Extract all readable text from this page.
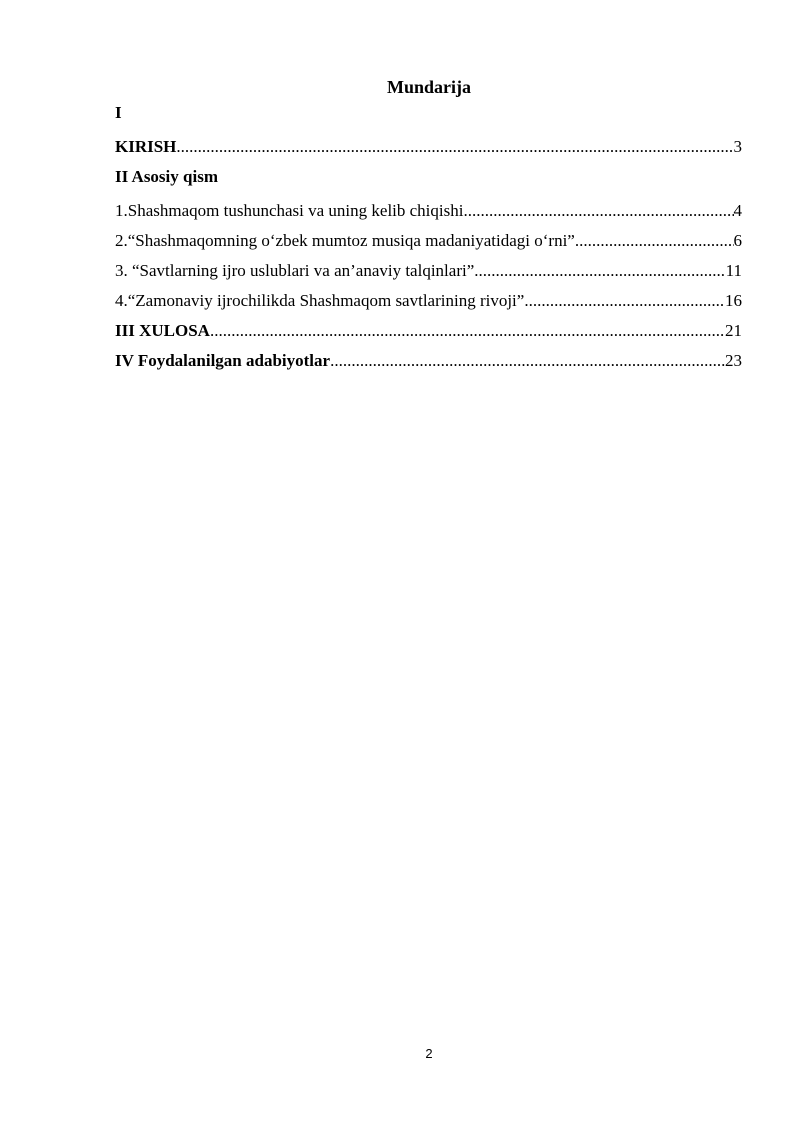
Mundarija
I
KIRISH .....	3
II Asosiy qism
1.Shashmaqom tushunchasi va uning kelib chiqishi .....	4
2.“Shashmaqomning o‘zbek mumtoz musiqa madaniyatidagi o‘rni” .....	6
3. “Savtlarning ijro uslublari va an’anaviy talqinlari” .....	11
4.“Zamonaviy ijrochilikda Shashmaqom savtlarining rivoji” .....	16
III XULOSA .....	21
IV Foydalanilgan adabiyotlar .....	23
2
